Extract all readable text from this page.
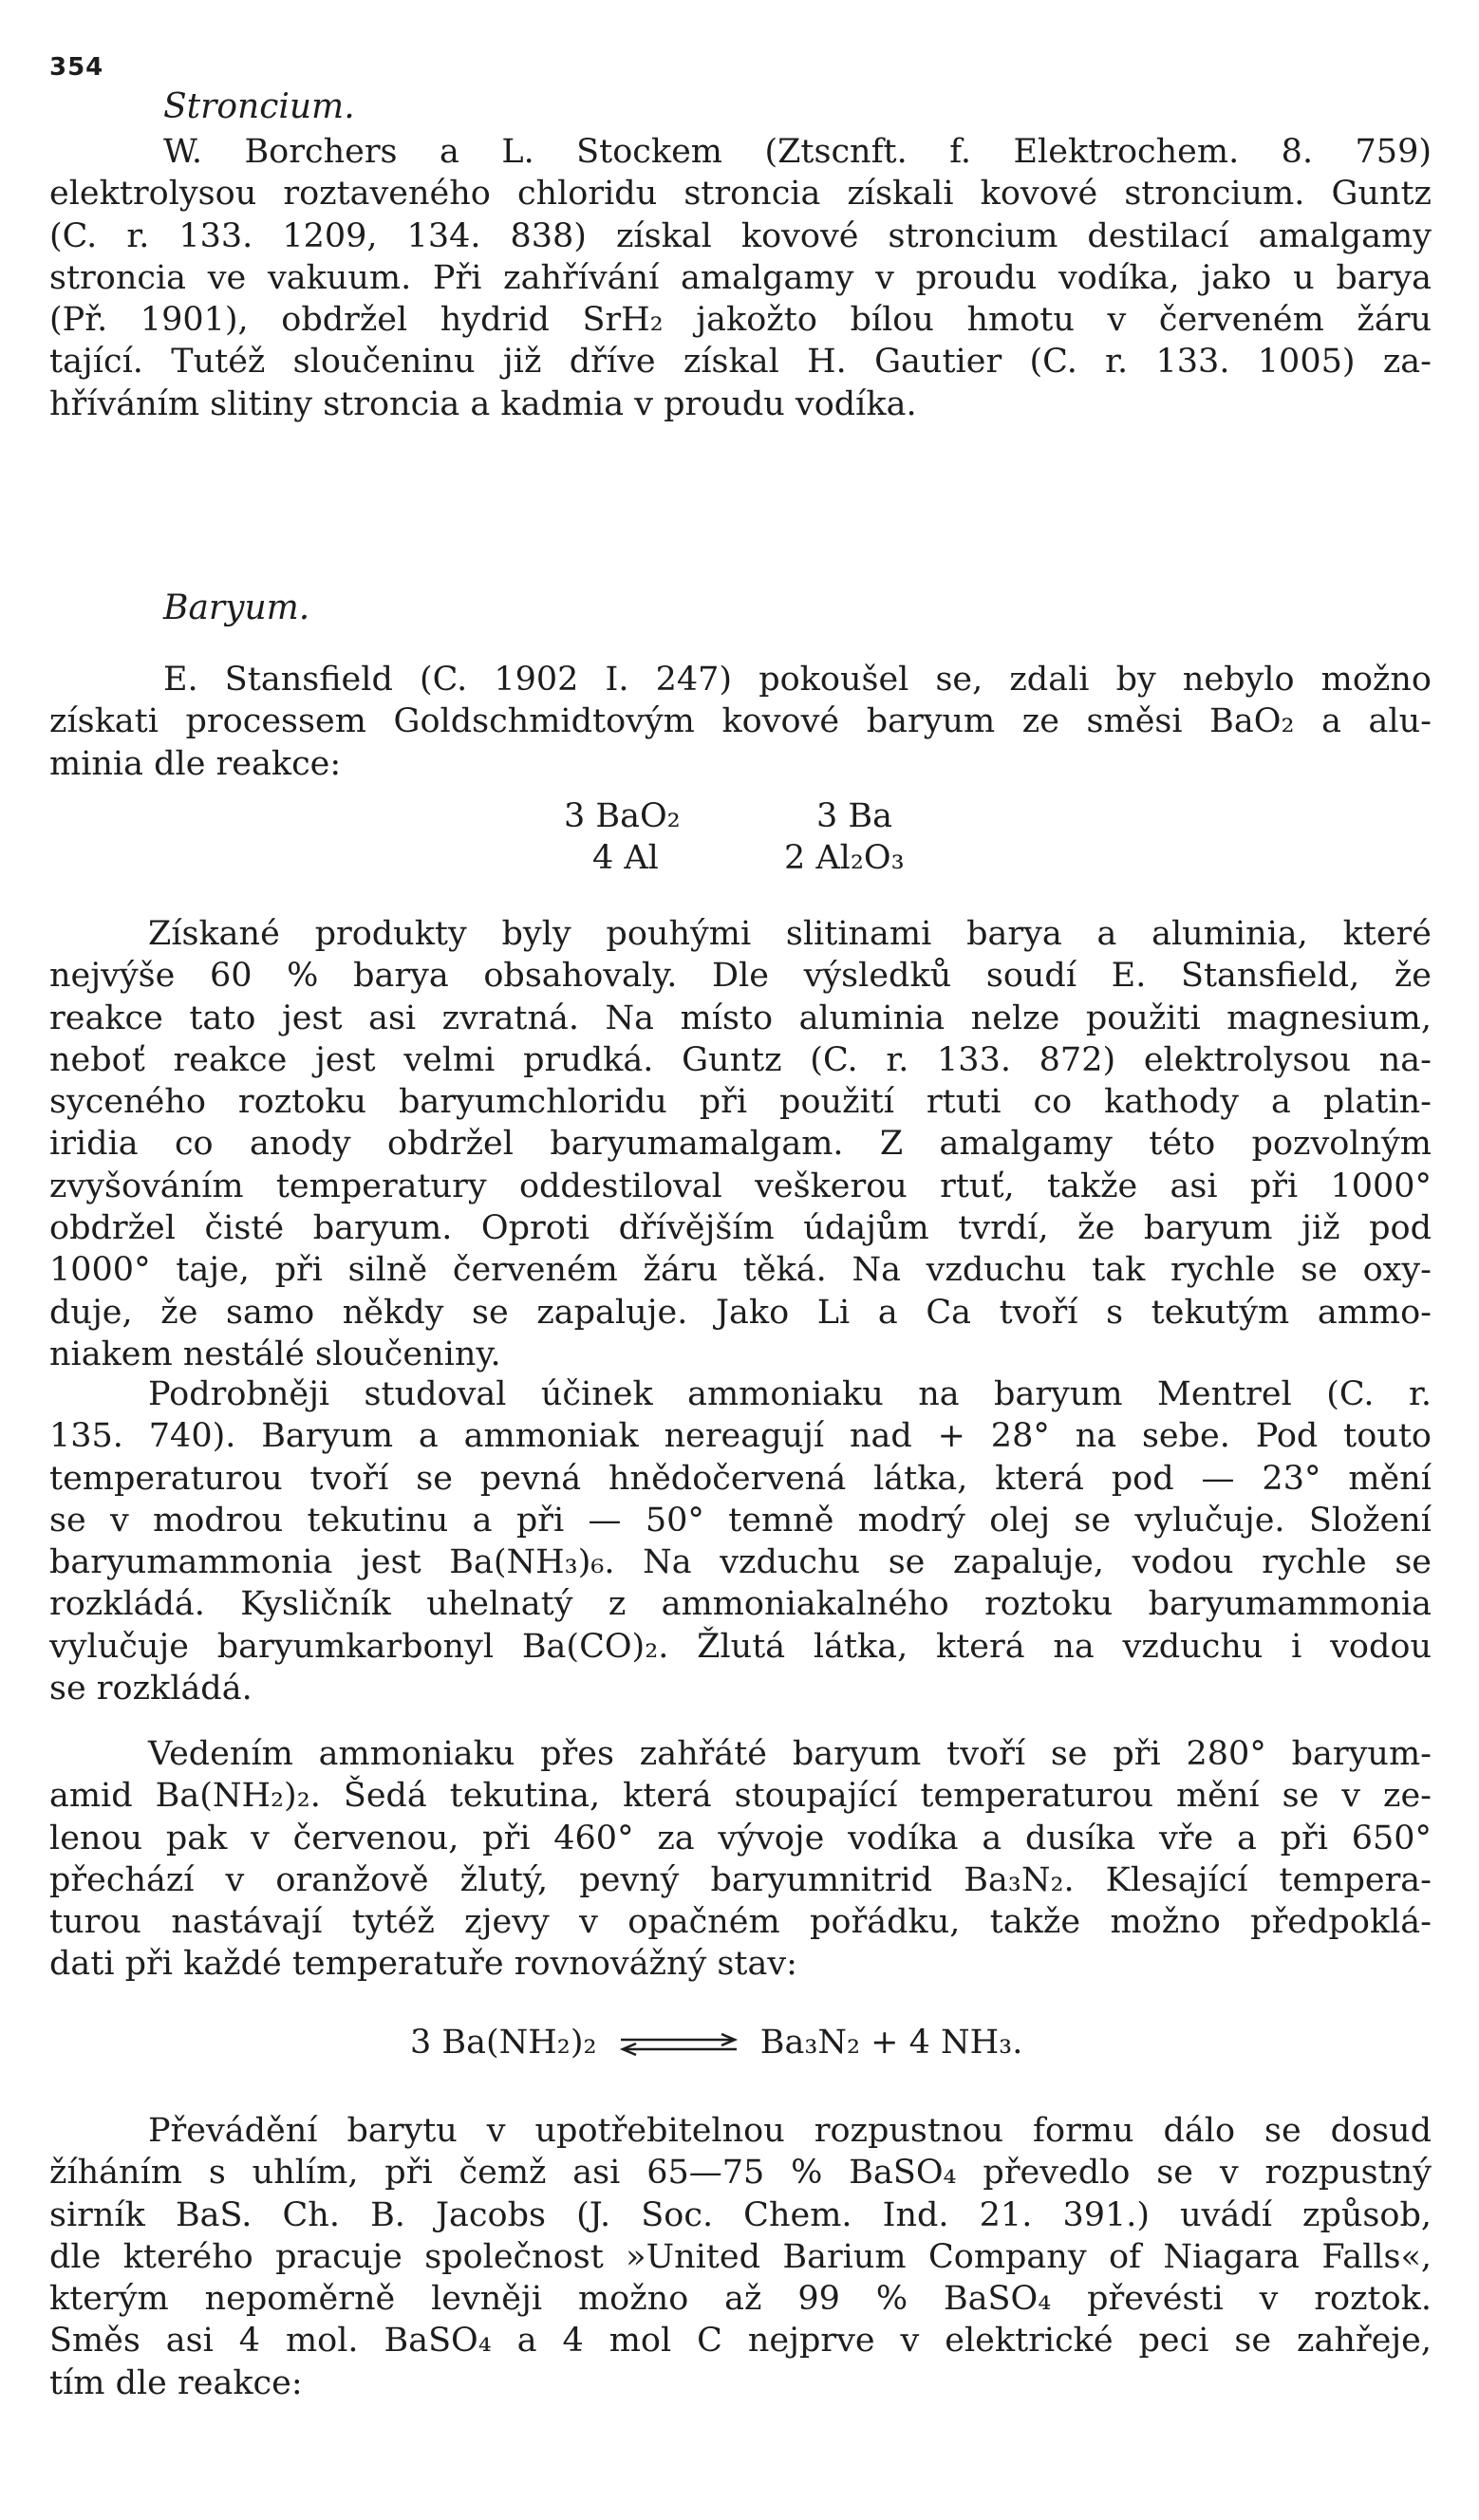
354
Stroncium.
W. Borchers a L. Stockem (Ztscnft. f. Elektrochem. 8. 759)
elektrolysou roztaveného chloridu stroncia získali kovové stroncium. Guntz
(C. r. 133. 1209, 134. 838) získal kovové stroncium destilací amalgamy
stroncia ve vakuum. Při zahřívání amalgamy v proudu vodíka, jako u barya
(Př. 1901), obdržel hydrid SrH₂ jakožto bílou hmotu v červeném žáru
tající. Tutéž sloučeninu již dříve získal H. Gautier (C. r. 133. 1005) za-
hříváním slitiny stroncia a kadmia v proudu vodíka.
Baryum.
E. Stansfield (C. 1902 I. 247) pokoušel se, zdali by nebylo možno
získati processem Goldschmidtovým kovové baryum ze směsi BaO₂ a alu-
minia dle reakce:
3 BaO₂
4 Al
3 Ba
2 Al₂O₃
Získané produkty byly pouhými slitinami barya a aluminia, které
nejvýše 60 % barya obsahovaly. Dle výsledků soudí E. Stansfield, že
reakce tato jest asi zvratná. Na místo aluminia nelze použiti magnesium,
neboť reakce jest velmi prudká. Guntz (C. r. 133. 872) elektrolysou na-
syceného roztoku baryumchloridu při použití rtuti co kathody a platin-
iridia co anody obdržel baryumamalgam. Z amalgamy této pozvolným
zvyšováním temperatury oddestiloval veškerou rtuť, takže asi při 1000°
obdržel čisté baryum. Oproti dřívějším údajům tvrdí, že baryum již pod
1000° taje, při silně červeném žáru těká. Na vzduchu tak rychle se oxy-
duje, že samo někdy se zapaluje. Jako Li a Ca tvoří s tekutým ammo-
niakem nestálé sloučeniny.
Podrobněji studoval účinek ammoniaku na baryum Mentrel (C. r.
135. 740). Baryum a ammoniak nereagují nad + 28° na sebe. Pod touto
temperaturou tvoří se pevná hnědočervená látka, která pod — 23° mění
se v modrou tekutinu a při — 50° temně modrý olej se vylučuje. Složení
baryumammonia jest Ba(NH₃)₆. Na vzduchu se zapaluje, vodou rychle se
rozkládá. Kysličník uhelnatý z ammoniakalného roztoku baryumammonia
vylučuje baryumkarbonyl Ba(CO)₂. Žlutá látka, která na vzduchu i vodou
se rozkládá.
Vedením ammoniaku přes zahřáté baryum tvoří se při 280° baryum-
amid Ba(NH₂)₂. Šedá tekutina, která stoupající temperaturou mění se v ze-
lenou pak v červenou, při 460° za vývoje vodíka a dusíka vře a při 650°
přechází v oranžově žlutý, pevný baryumnitrid Ba₃N₂. Klesající tempera-
turou nastávají tytéž zjevy v opačném pořádku, takže možno předpoklá-
dati při každé temperatuře rovnovážný stav:
3 Ba(NH₂)₂ ⇌ Ba₃N₂ + 4 NH₃.
Převádění barytu v upotřebitelnou rozpustnou formu dálo se dosud
žíháním s uhlím, při čemž asi 65—75 % BaSO₄ převedlo se v rozpustný
sirník BaS. Ch. B. Jacobs (J. Soc. Chem. Ind. 21. 391.) uvádí způsob,
dle kterého pracuje společnost »United Barium Company of Niagara Falls«,
kterým nepoměrně levněji možno až 99 % BaSO₄ převésti v roztok.
Směs asi 4 mol. BaSO₄ a 4 mol C nejprve v elektrické peci se zahřeje,
tím dle reakce:
